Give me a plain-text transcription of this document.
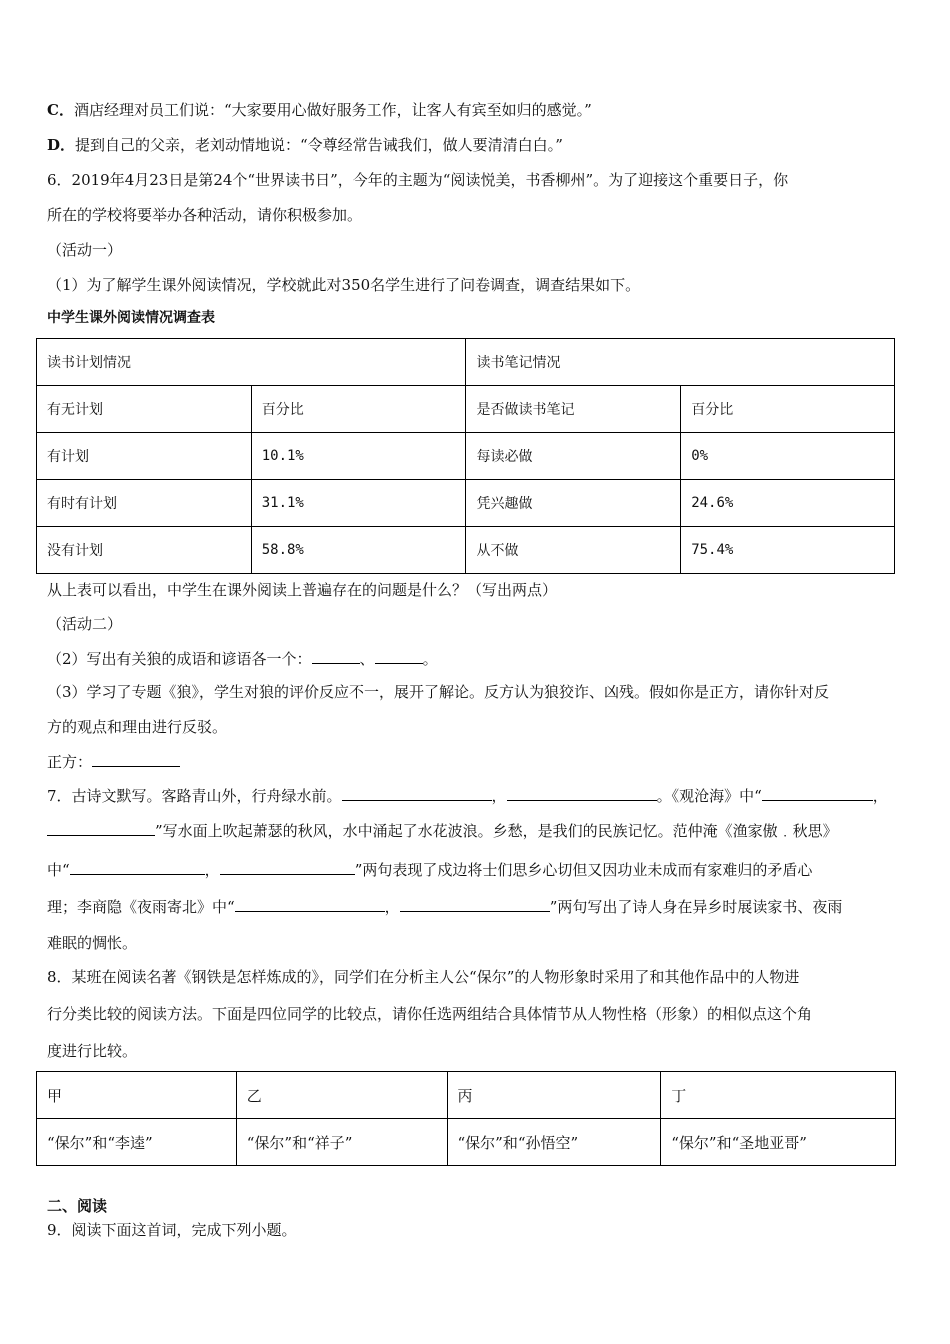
C．酒店经理对员工们说：“大家要用心做好服务工作，让客人有宾至如归的感觉。”
D．提到自己的父亲，老刘动情地说：“令尊经常告诫我们，做人要清清白白。”
6．2019年4月23日是第24个“世界读书日”，今年的主题为“阅读悦美，书香柳州”。为了迎接这个重要日子，你
所在的学校将要举办各种活动，请你积极参加。
（活动一）
（1）为了解学生课外阅读情况，学校就此对350名学生进行了问卷调查，调查结果如下。
中学生课外阅读情况调查表
读书计划情况		读书笔记情况	
有无计划	百分比	是否做读书笔记	百分比
有计划	10.1%	每读必做	0%
有时有计划	31.1%	凭兴趣做	24.6%
没有计划	58.8%	从不做	75.4%
从上表可以看出，中学生在课外阅读上普遍存在的问题是什么？（写出两点）
（活动二）
（2）写出有关狼的成语和谚语各一个：	、	。
（3）学习了专题《狼》，学生对狼的评价反应不一，展开了解论。反方认为狼狡诈、凶残。假如你是正方，请你针对反
方的观点和理由进行反驳。
正方：
7．古诗文默写。客路青山外，行舟绿水前。	，	。《观沧海》中“	，
”写水面上吹起萧瑟的秋风，水中涌起了水花波浪。乡愁，是我们的民族记忆。范仲淹《渔家傲﹒秋思》
中“	，	”两句表现了戍边将士们思乡心切但又因功业未成而有家难归的矛盾心
理；李商隐《夜雨寄北》中“	，	”两句写出了诗人身在异乡时展读家书、夜雨
难眠的惆怅。
8．某班在阅读名著《钢铁是怎样炼成的》，同学们在分析主人公“保尔”的人物形象时采用了和其他作品中的人物进
行分类比较的阅读方法。下面是四位同学的比较点，请你任选两组结合具体情节从人物性格（形象）的相似点这个角
度进行比较。
甲	乙	丙	丁
“保尔”和“李逵”	“保尔”和“祥子”	“保尔”和“孙悟空”	“保尔”和“圣地亚哥”
二、阅读
9．阅读下面这首词，完成下列小题。
